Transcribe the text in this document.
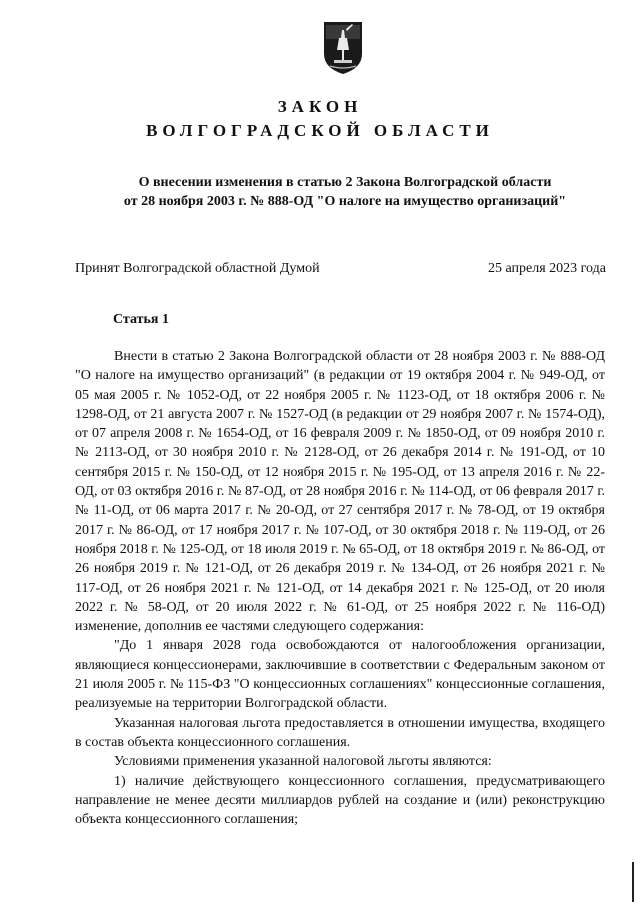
ЗАКОН
ВОЛГОГРАДСКОЙ ОБЛАСТИ
О внесении изменения в статью 2 Закона Волгоградской области
от 28 ноября 2003 г. № 888-ОД "О налоге на имущество организаций"
Принят Волгоградской областной Думой	25 апреля 2023 года
Статья 1

Внести в статью 2 Закона Волгоградской области от 28 ноября 2003 г. № 888-ОД "О налоге на имущество организаций" (в редакции от 19 октября 2004 г. № 949-ОД, от 05 мая 2005 г. № 1052-ОД, от 22 ноября 2005 г. № 1123-ОД, от 18 октября 2006 г. № 1298-ОД, от 21 августа 2007 г. № 1527-ОД (в редакции от 29 ноября 2007 г. № 1574-ОД), от 07 апреля 2008 г. № 1654-ОД, от 16 февраля 2009 г. № 1850-ОД, от 09 ноября 2010 г. № 2113-ОД, от 30 ноября 2010 г. № 2128-ОД, от 26 декабря 2014 г. № 191-ОД, от 10 сентября 2015 г. № 150-ОД, от 12 ноября 2015 г. № 195-ОД, от 13 апреля 2016 г. № 22-ОД, от 03 октября 2016 г. № 87-ОД, от 28 ноября 2016 г. № 114-ОД, от 06 февраля 2017 г. № 11-ОД, от 06 марта 2017 г. № 20-ОД, от 27 сентября 2017 г. № 78-ОД, от 19 октября 2017 г. № 86-ОД, от 17 ноября 2017 г. № 107-ОД, от 30 октября 2018 г. № 119-ОД, от 26 ноября 2018 г. № 125-ОД, от 18 июля 2019 г. № 65-ОД, от 18 октября 2019 г. № 86-ОД, от 26 ноября 2019 г. № 121-ОД, от 26 декабря 2019 г. № 134-ОД, от 26 ноября 2021 г. № 117-ОД, от 26 ноября 2021 г. № 121-ОД, от 14 декабря 2021 г. № 125-ОД, от 20 июля 2022 г. № 58-ОД, от 20 июля 2022 г. № 61-ОД, от 25 ноября 2022 г. № 116-ОД) изменение, дополнив ее частями следующего содержания:

"До 1 января 2028 года освобождаются от налогообложения организации, являющиеся концессионерами, заключившие в соответствии с Федеральным законом от 21 июля 2005 г. № 115-ФЗ "О концессионных соглашениях" концессионные соглашения, реализуемые на территории Волгоградской области.

Указанная налоговая льгота предоставляется в отношении имущества, входящего в состав объекта концессионного соглашения.

Условиями применения указанной налоговой льготы являются:

1) наличие действующего концессионного соглашения, предусматривающего направление не менее десяти миллиардов рублей на создание и (или) реконструкцию объекта концессионного соглашения;
